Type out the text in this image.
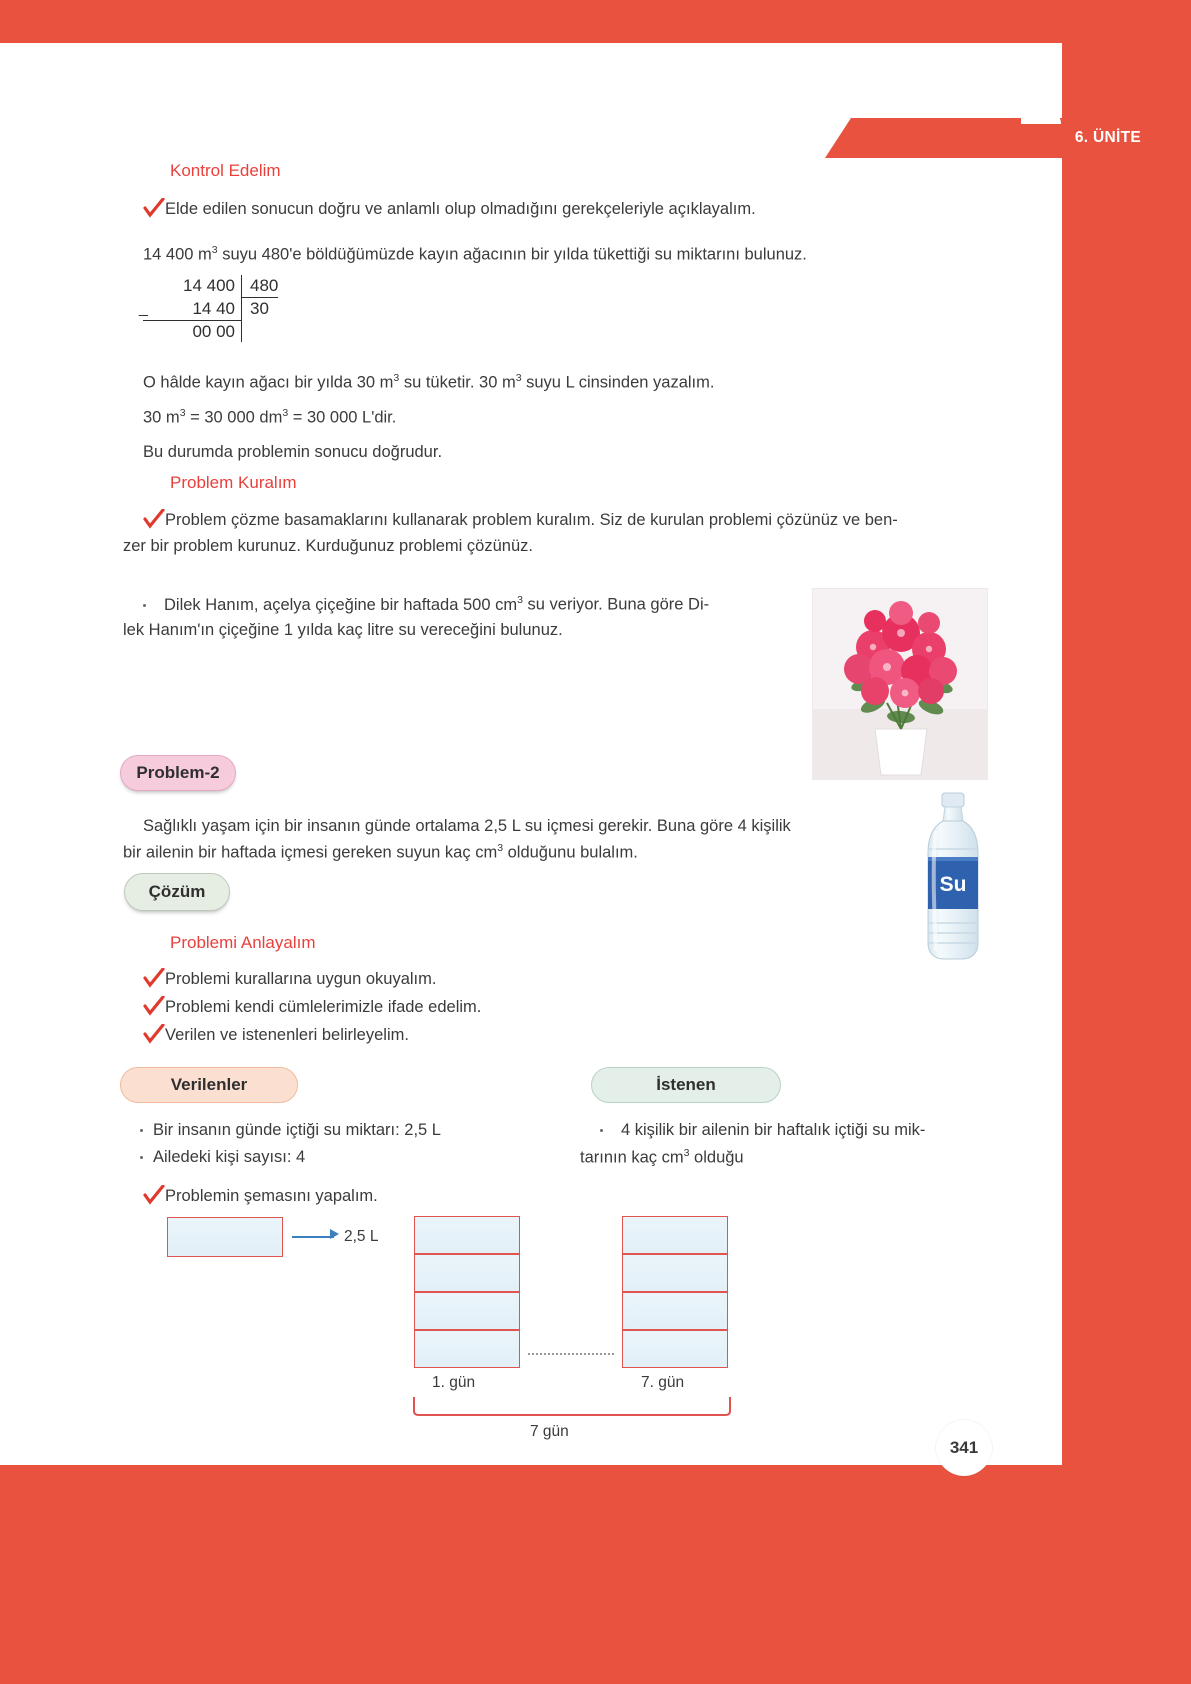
6. ÜNİTE
341
Kontrol Edelim
Elde edilen sonucun doğru ve anlamlı olup olmadığını gerekçeleriyle açıklayalım.
14 400 $m^3$ suyu 480'e böldüğümüzde kayın ağacının bir yılda tükettiği su miktarını bulunuz.
14 400 480
14 40 30
00 00
_
O hâlde kayın ağacı bir yılda 30 $m^3$ su tüketir. 30 $m^3$ suyu L cinsinden yazalım.
30 $m^3 = 30$ 000 $dm^3 = 30$ 000 L'dir.
Bu durumda problemin sonucu doğrudur.
Problem Kuralım
Problem çözme basamaklarını kullanarak problem kuralım. Siz de kurulan problemi çözünüz ve ben-
zer bir problem kurunuz. Kurduğunuz problemi çözünüz.
Dilek Hanım, açelya çiçeğine bir haftada 500 $cm^3$ su veriyor. Buna göre Di-
lek Hanım'ın çiçeğine 1 yılda kaç litre su vereceğini bulunuz.
Problem-2
Sağlıklı yaşam için bir insanın günde ortalama 2,5 L su içmesi gerekir. Buna göre 4 kişilik
bir ailenin bir haftada içmesi gereken suyun kaç $cm^3$ olduğunu bulalım.
Su
Çözüm
Problemi Anlayalım
Problemi kurallarına uygun okuyalım.
Problemi kendi cümlelerimizle ifade edelim.
Verilen ve istenenleri belirleyelim.
Verilenler	İstenen
Bir insanın günde içtiği su miktarı: 2,5 L
Ailedeki kişi sayısı: 4
4 kişilik bir ailenin bir haftalık içtiği su mik-
tarının kaç $cm^3$ olduğu
Problemin şemasını yapalım.
2,5 L
1. gün	7. gün
7 gün
